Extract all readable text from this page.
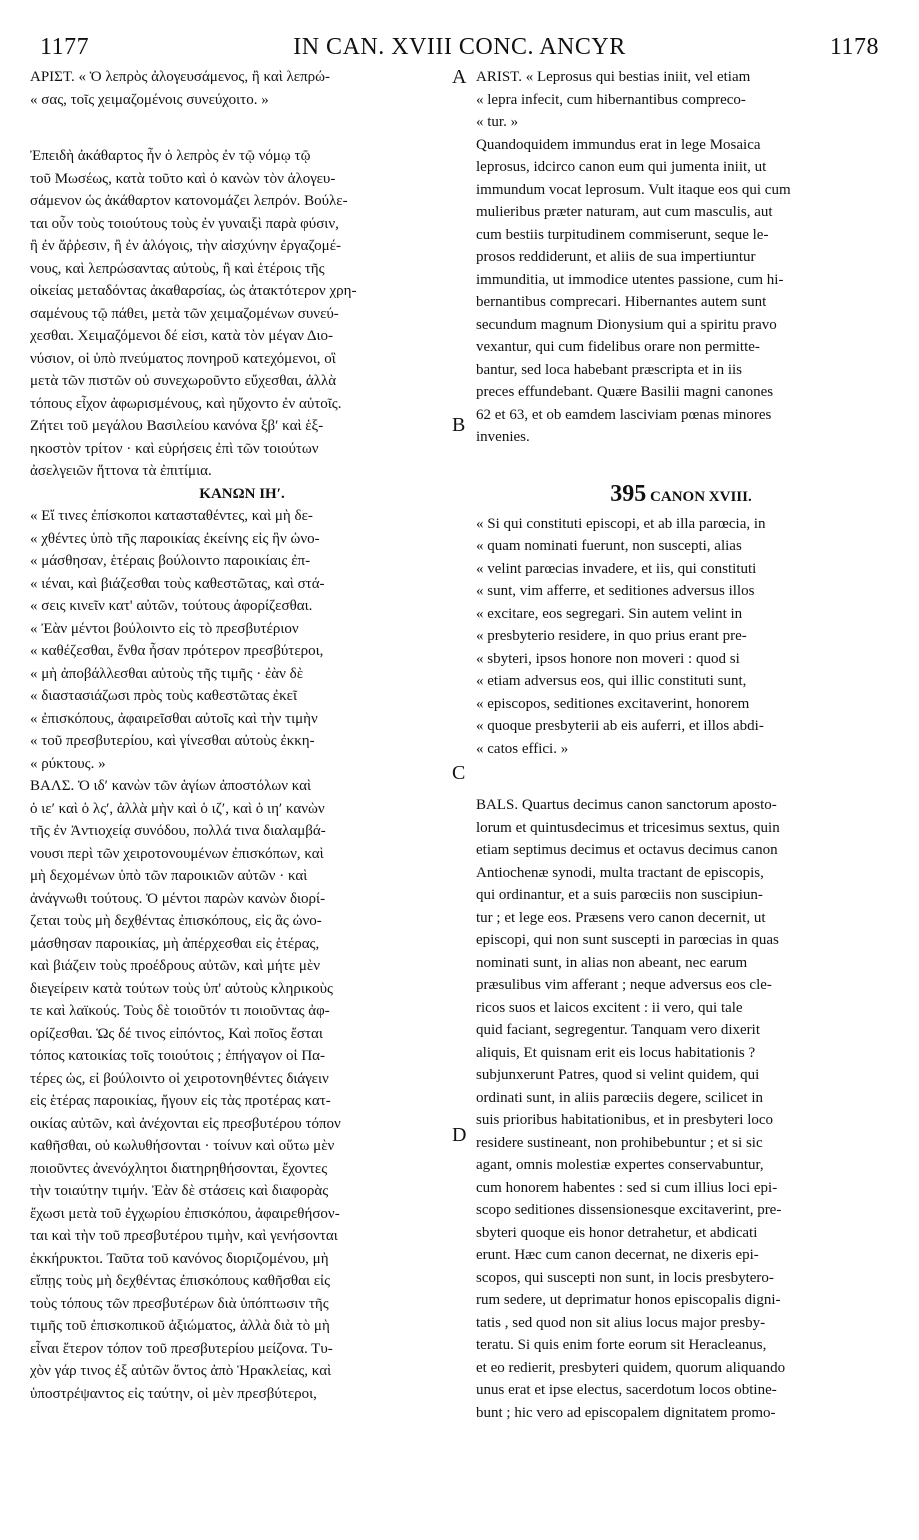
1177	IN CAN. XVIII CONC. ANCYR	1178
A
B
C
D
ΑΡΙΣΤ. « Ὁ λεπρὸς ἀλογευσάμενος, ἢ καὶ λεπρώ-
« σας, τοῖς χειμαζομένοις συνεύχοιτο. »
Ἐπειδὴ ἀκάθαρτος ἦν ὁ λεπρὸς ἐν τῷ νόμῳ τῷ
τοῦ Μωσέως, κατὰ τοῦτο καὶ ὁ κανὼν τὸν ἀλογευ-
σάμενον ὡς ἀκάθαρτον κατονομάζει λεπρόν. Βούλε-
ται οὖν τοὺς τοιούτους τοὺς ἐν γυναιξὶ παρὰ φύσιν,
ἢ ἐν ἄῤῥεσιν, ἢ ἐν ἀλόγοις, τὴν αἰσχύνην ἐργαζομέ-
νους, καὶ λεπρώσαντας αὐτοὺς, ἢ καὶ ἑτέροις τῆς
οἰκείας μεταδόντας ἀκαθαρσίας, ὡς ἀτακτότερον χρη-
σαμένους τῷ πάθει, μετὰ τῶν χειμαζομένων συνεύ-
χεσθαι. Χειμαζόμενοι δέ εἰσι, κατὰ τὸν μέγαν Διο-
νύσιον, οἱ ὑπὸ πνεύματος πονηροῦ κατεχόμενοι, οἳ
μετὰ τῶν πιστῶν οὐ συνεχωροῦντο εὔχεσθαι, ἀλλὰ
τόπους εἶχον ἀφωρισμένους, καὶ ηὔχοντο ἐν αὐτοῖς.
Ζήτει τοῦ μεγάλου Βασιλείου κανόνα ξβʹ καὶ ἑξ-
ηκοστὸν τρίτον · καὶ εὑρήσεις ἐπὶ τῶν τοιούτων
ἀσελγειῶν ἥττονα τὰ ἐπιτίμια.
ΚΑΝΩΝ ΙΗʹ.
« Εἴ τινες ἐπίσκοποι κατασταθέντες, καὶ μὴ δε-
« χθέντες ὑπὸ τῆς παροικίας ἐκείνης εἰς ἣν ὠνο-
« μάσθησαν, ἑτέραις βούλοιντο παροικίαις ἐπ-
« ιέναι, καὶ βιάζεσθαι τοὺς καθεστῶτας, καὶ στά-
« σεις κινεῖν κατ' αὐτῶν, τούτους ἀφορίζεσθαι.
« Ἐὰν μέντοι βούλοιντο εἰς τὸ πρεσβυτέριον
« καθέζεσθαι, ἔνθα ἦσαν πρότερον πρεσβύτεροι,
« μὴ ἀποβάλλεσθαι αὐτοὺς τῆς τιμῆς · ἐὰν δὲ
« διαστασιάζωσι πρὸς τοὺς καθεστῶτας ἐκεῖ
« ἐπισκόπους, ἀφαιρεῖσθαι αὐτοῖς καὶ τὴν τιμὴν
« τοῦ πρεσβυτερίου, καὶ γίνεσθαι αὐτοὺς ἐκκη-
« ρύκτους. »
ΒΑΛΣ. Ὁ ιδʹ κανὼν τῶν ἁγίων ἀποστόλων καὶ
ὁ ιεʹ καὶ ὁ λςʹ, ἀλλὰ μὴν καὶ ὁ ιζʹ, καὶ ὁ ιηʹ κανὼν
τῆς ἐν Ἀντιοχείᾳ συνόδου, πολλά τινα διαλαμβά-
νουσι περὶ τῶν χειροτονουμένων ἐπισκόπων, καὶ
μὴ δεχομένων ὑπὸ τῶν παροικιῶν αὐτῶν · καὶ
ἀνάγνωθι τούτους. Ὁ μέντοι παρὼν κανὼν διορί-
ζεται τοὺς μὴ δεχθέντας ἐπισκόπους, εἰς ἃς ὠνο-
μάσθησαν παροικίας, μὴ ἀπέρχεσθαι εἰς ἑτέρας,
καὶ βιάζειν τοὺς προέδρους αὐτῶν, καὶ μήτε μὲν
διεγείρειν κατὰ τούτων τοὺς ὑπ' αὐτοὺς κληρικοὺς
τε καὶ λαϊκούς. Τοὺς δὲ τοιοῦτόν τι ποιοῦντας ἀφ-
ορίζεσθαι. Ὡς δέ τινος εἰπόντος, Καὶ ποῖος ἔσται
τόπος κατοικίας τοῖς τοιούτοις ; ἐπήγαγον οἱ Πα-
τέρες ὡς, εἰ βούλοιντο οἱ χειροτονηθέντες διάγειν
εἰς ἑτέρας παροικίας, ἤγουν εἰς τὰς προτέρας κατ-
οικίας αὐτῶν, καὶ ἀνέχονται εἰς πρεσβυτέρου τόπον
καθῆσθαι, οὐ κωλυθήσονται · τοίνυν καὶ οὕτω μὲν
ποιοῦντες ἀνενόχλητοι διατηρηθήσονται, ἔχοντες
τὴν τοιαύτην τιμήν. Ἐὰν δὲ στάσεις καὶ διαφορὰς
ἔχωσι μετὰ τοῦ ἐγχωρίου ἐπισκόπου, ἀφαιρεθήσον-
ται καὶ τὴν τοῦ πρεσβυτέρου τιμὴν, καὶ γενήσονται
ἐκκήρυκτοι. Ταῦτα τοῦ κανόνος διοριζομένου, μὴ
εἴπῃς τοὺς μὴ δεχθέντας ἐπισκόπους καθῆσθαι εἰς
τοὺς τόπους τῶν πρεσβυτέρων διὰ ὑπόπτωσιν τῆς
τιμῆς τοῦ ἐπισκοπικοῦ ἀξιώματος, ἀλλὰ διὰ τὸ μὴ
εἶναι ἕτερον τόπον τοῦ πρεσβυτερίου μείζονα. Τυ-
χὸν γάρ τινος ἐξ αὐτῶν ὄντος ἀπὸ Ἡρακλείας, καὶ
ὑποστρέψαντος εἰς ταύτην, οἱ μὲν πρεσβύτεροι,
ARIST. « Leprosus qui bestias iniit, vel etiam
« lepra infecit, cum hibernantibus compreco-
« tur. »
Quandoquidem immundus erat in lege Mosaica
leprosus, idcirco canon eum qui jumenta iniit, ut
immundum vocat leprosum. Vult itaque eos qui cum
mulieribus præter naturam, aut cum masculis, aut
cum bestiis turpitudinem commiserunt, seque le-
prosos reddiderunt, et aliis de sua impertiuntur
immunditia, ut immodice utentes passione, cum hi-
bernantibus comprecari. Hibernantes autem sunt
secundum magnum Dionysium qui a spiritu pravo
vexantur, qui cum fidelibus orare non permitte-
bantur, sed loca habebant præscripta et in iis
preces effundebant. Quære Basilii magni canones
62 et 63, et ob eamdem lasciviam pœnas minores
invenies.
395 CANON XVIII.
« Si qui constituti episcopi, et ab illa parœcia, in
« quam nominati fuerunt, non suscepti, alias
« velint parœcias invadere, et iis, qui constituti
« sunt, vim afferre, et seditiones adversus illos
« excitare, eos segregari. Sin autem velint in
« presbyterio residere, in quo prius erant pre-
« sbyteri, ipsos honore non moveri : quod si
« etiam adversus eos, qui illic constituti sunt,
« episcopos, seditiones excitaverint, honorem
« quoque presbyterii ab eis auferri, et illos abdi-
« catos effici. »
BALS. Quartus decimus canon sanctorum aposto-
lorum et quintusdecimus et tricesimus sextus, quin
etiam septimus decimus et octavus decimus canon
Antiochenæ synodi, multa tractant de episcopis,
qui ordinantur, et a suis parœciis non suscipiun-
tur ; et lege eos. Præsens vero canon decernit, ut
episcopi, qui non sunt suscepti in parœcias in quas
nominati sunt, in alias non abeant, nec earum
præsulibus vim afferant ; neque adversus eos cle-
ricos suos et laicos excitent : ii vero, qui tale
quid faciant, segregentur. Tanquam vero dixerit
aliquis, Et quisnam erit eis locus habitationis ?
subjunxerunt Patres, quod si velint quidem, qui
ordinati sunt, in aliis parœciis degere, scilicet in
suis prioribus habitationibus, et in presbyteri loco
residere sustineant, non prohibebuntur ; et si sic
agant, omnis molestiæ expertes conservabuntur,
cum honorem habentes : sed si cum illius loci epi-
scopo seditiones dissensionesque excitaverint, pre-
sbyteri quoque eis honor detrahetur, et abdicati
erunt. Hæc cum canon decernat, ne dixeris epi-
scopos, qui suscepti non sunt, in locis presbytero-
rum sedere, ut deprimatur honos episcopalis digni-
tatis , sed quod non sit alius locus major presby-
teratu. Si quis enim forte eorum sit Heracleanus,
et eo redierit, presbyteri quidem, quorum aliquando
unus erat et ipse electus, sacerdotum locos obtine-
bunt ; hic vero ad episcopalem dignitatem promo-
